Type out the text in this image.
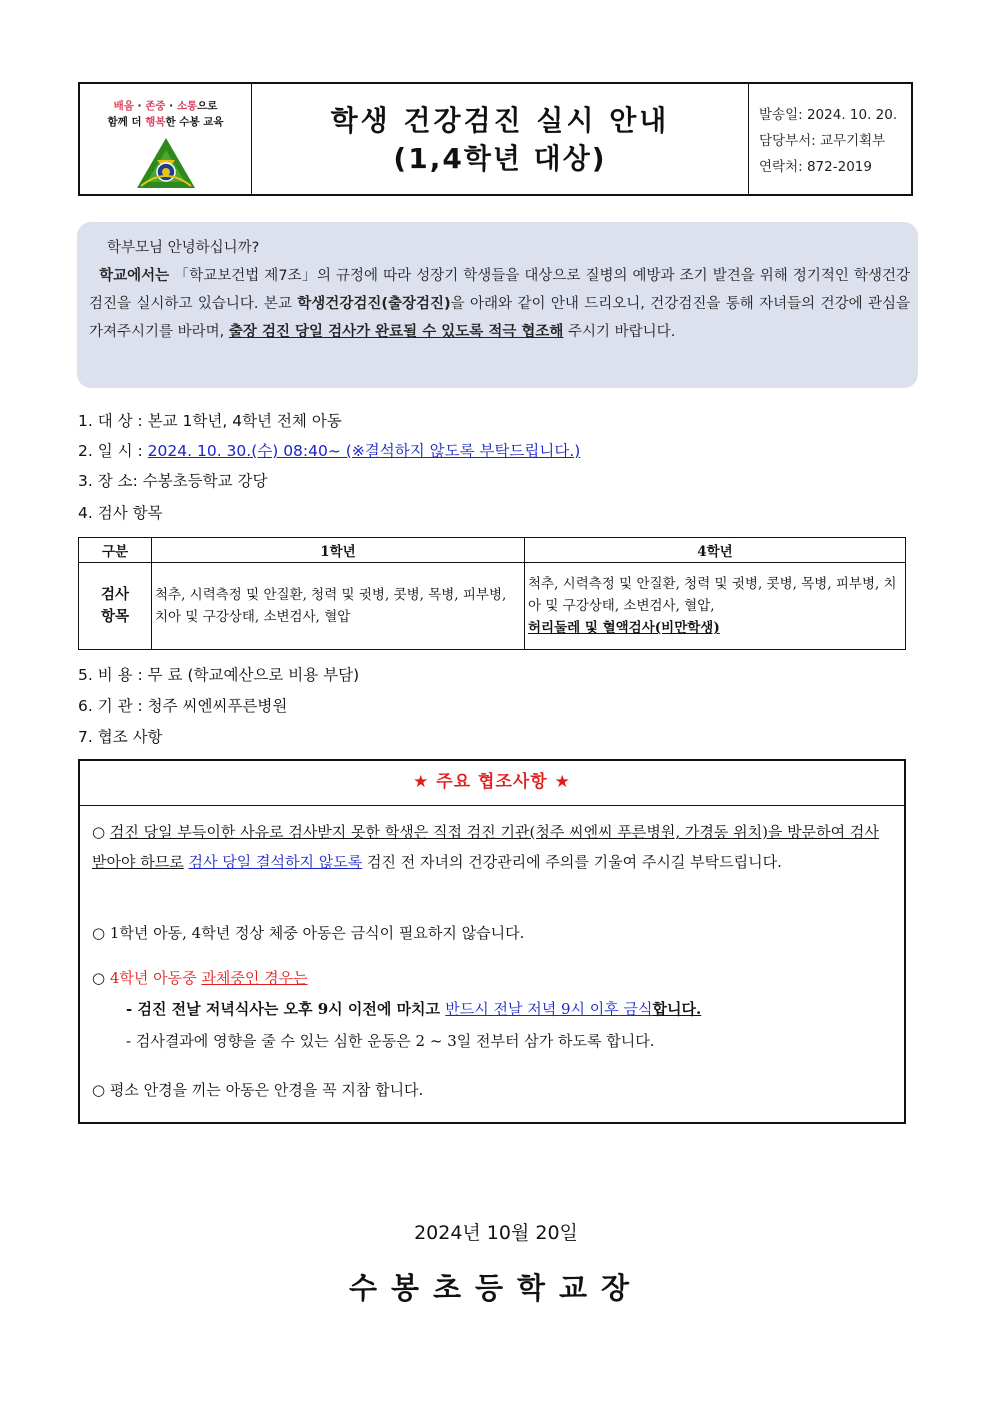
배움 · 존중 · 소통으로
함께 더 행복한 수봉 교육	학생 건강검진 실시 안내
(1,4학년 대상)
발송일: 2024. 10. 20.
담당부서: 교무기획부
연락처: 872-2019

학부모님 안녕하십니까?

학교에서는 「학교보건법 제7조」의 규정에 따라 성장기 학생들을 대상으로 질병의 예방과 조기 발견을 위해 정기적인 학생건강검진을 실시하고 있습니다. 본교 학생건강검진(출장검진)을 아래와 같이 안내 드리오니, 건강검진을 통해 자녀들의 건강에 관심을 가져주시기를 바라며, 출장 검진 당일 검사가 완료될 수 있도록 적극 협조해 주시기 바랍니다.

1. 대 상 : 본교 1학년, 4학년 전체 아동
2. 일 시 : 2024. 10. 30.(수) 08:40~ (※결석하지 않도록 부탁드립니다.)
3. 장 소: 수봉초등학교 강당
4. 검사 항목
구분	1학년	4학년
검사
항목	척추, 시력측정 및 안질환, 청력 및 귓병, 콧병, 목병, 피부병, 치아 및 구강상태, 소변검사, 혈압	척추, 시력측정 및 안질환, 청력 및 귓병, 콧병, 목병, 피부병, 치아 및 구강상태, 소변검사, 혈압,
허리둘레 및 혈액검사(비만학생)
5. 비 용 : 무 료 (학교예산으로 비용 부담)
6. 기 관 : 청주 씨엔씨푸른병원
7. 협조 사항
★ 주요 협조사항 ★
○ 검진 당일 부득이한 사유로 검사받지 못한 학생은 직접 검진 기관(청주 씨엔씨 푸른병원, 가경동 위치)을 방문하여 검사받아야 하므로 검사 당일 결석하지 않도록 검진 전 자녀의 건강관리에 주의를 기울여 주시길 부탁드립니다.
○ 1학년 아동, 4학년 정상 체중 아동은 금식이 필요하지 않습니다.
○ 4학년 아동중 과체중인 경우는
- 검진 전날 저녁식사는 오후 9시 이전에 마치고 반드시 전날 저녁 9시 이후 금식합니다.
- 검사결과에 영향을 줄 수 있는 심한 운동은 2 ~ 3일 전부터 삼가 하도록 합니다.
○ 평소 안경을 끼는 아동은 안경을 꼭 지참 합니다.
2024년 10월 20일
수봉초등학교장
